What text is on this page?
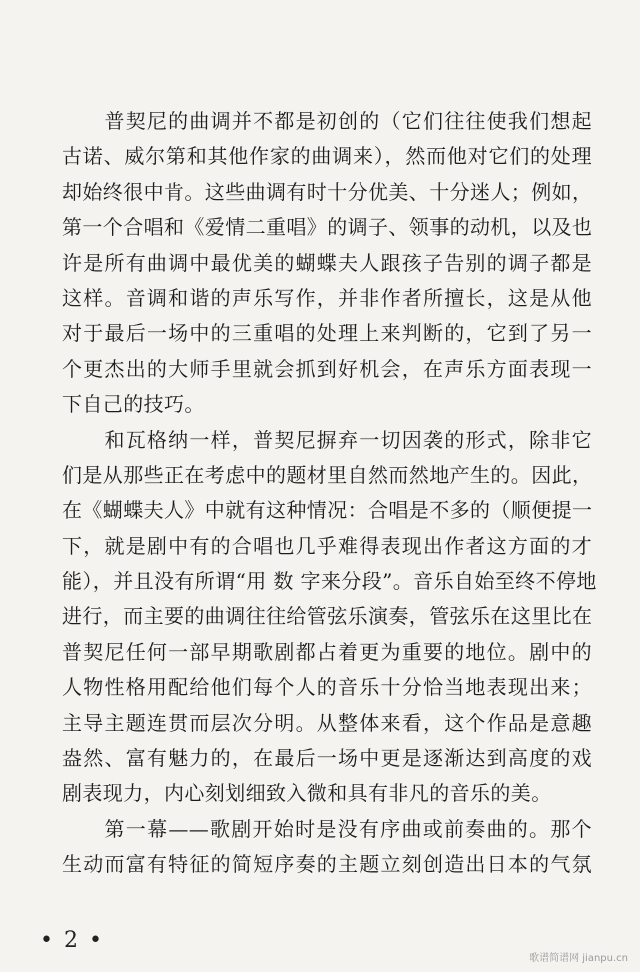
　　普契尼的曲调并不都是初创的（它们往往使我们想起
古诺、威尔第和其他作家的曲调来），然而他对它们的处理
却始终很中肯。这些曲调有时十分优美、十分迷人；例如，
第一个合唱和《爱情二重唱》的调子、领事的动机，以及也
许是所有曲调中最优美的蝴蝶夫人跟孩子告别的调子都是
这样。音调和谐的声乐写作，并非作者所擅长，这是从他
对于最后一场中的三重唱的处理上来判断的，它到了另一
个更杰出的大师手里就会抓到好机会，在声乐方面表现一
下自己的技巧。
　　和瓦格纳一样，普契尼摒弃一切因袭的形式，除非它
们是从那些正在考虑中的题材里自然而然地产生的。因此，
在《蝴蝶夫人》中就有这种情况：合唱是不多的（顺便提一
下，就是剧中有的合唱也几乎难得表现出作者这方面的才
能），并且没有所谓“用 数 字来分段”。音乐自始至终不停地
进行，而主要的曲调往往给管弦乐演奏，管弦乐在这里比在
普契尼任何一部早期歌剧都占着更为重要的地位。剧中的
人物性格用配给他们每个人的音乐十分恰当地表现出来；
主导主题连贯而层次分明。从整体来看，这个作品是意趣
盎然、富有魅力的，在最后一场中更是逐渐达到高度的戏
剧表现力，内心刻划细致入微和具有非凡的音乐的美。
　　第一幕——歌剧开始时是没有序曲或前奏曲的。那个
生动而富有特征的简短序奏的主题立刻创造出日本的气氛
• 2 •
歌谱简谱网 jianpu.cn
